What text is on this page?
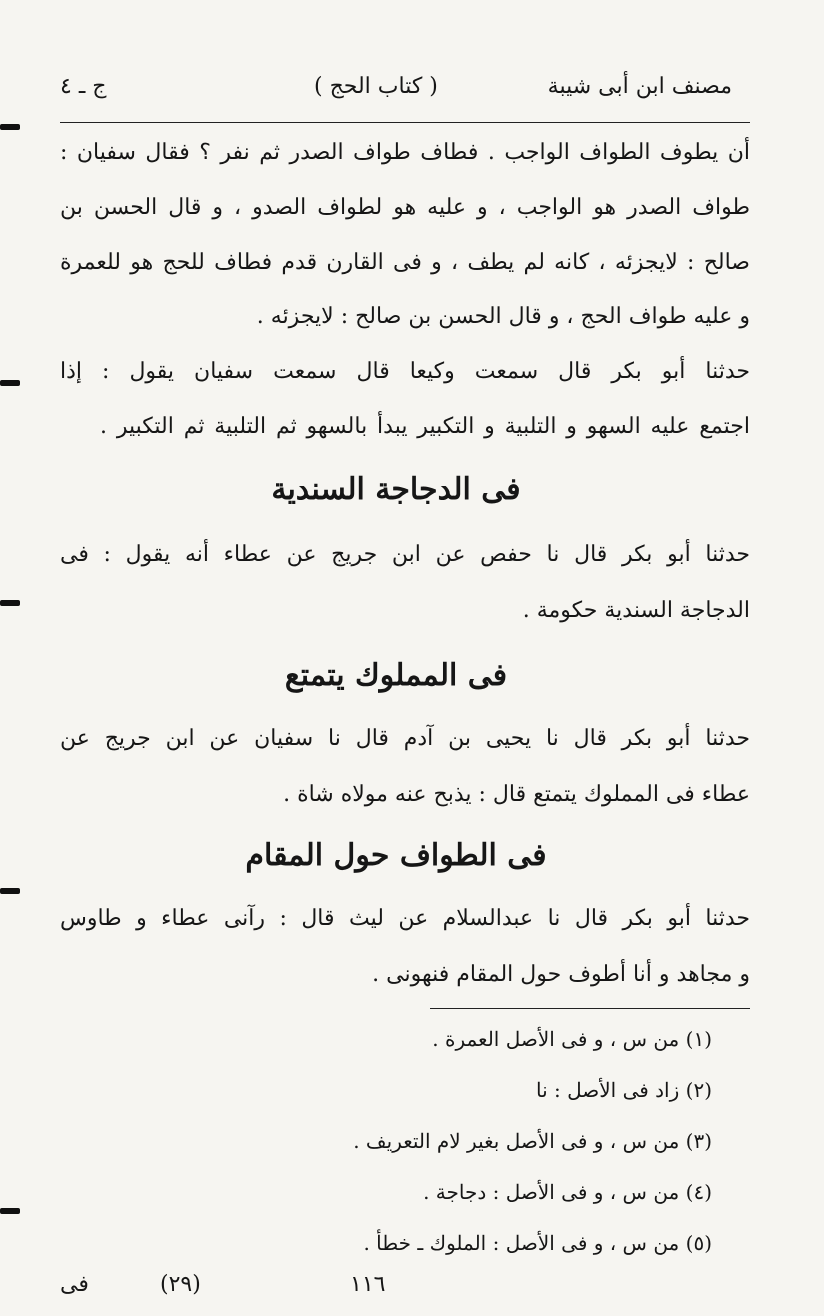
مصنف ابن أبى شيبة
( كتاب الحج )
ج ـ ٤
أن يطوف الطواف الواجب . فطاف طواف الصدر ثم نفر ؟ فقال سفيان :
طواف الصدر هو الواجب ، و عليه هو لطواف الصدو ، و قال الحسن بن
صالح : لايجزئه ، كانه لم يطف ، و فى القارن قدم فطاف للحج هو للعمرة
و عليه طواف الحج ، و قال الحسن بن صالح : لايجزئه .
حدثنا أبو بكر قال سمعت وكيعا قال سمعت سفيان يقول : إذا
اجتمع عليه السهو و التلبية و التكبير يبدأ بالسهو ثم التلبية ثم التكبير .
فى الدجاجة السندية
حدثنا أبو بكر قال نا حفص عن ابن جريج عن عطاء أنه يقول : فى
الدجاجة السندية حكومة .
فى المملوك يتمتع
حدثنا أبو بكر قال نا يحيى بن آدم قال نا سفيان عن ابن جريج عن
عطاء فى المملوك يتمتع قال : يذبح عنه مولاه شاة .
فى الطواف حول المقام
حدثنا أبو بكر قال نا عبدالسلام عن ليث قال : رآنى عطاء و طاوس
و مجاهد و أنا أطوف حول المقام فنهونى .
(١) من س ، و فى الأصل العمرة .
(٢) زاد فى الأصل : نا
(٣) من س ، و فى الأصل بغير لام التعريف .
(٤) من س ، و فى الأصل : دجاجة .
(٥) من س ، و فى الأصل : الملوك ـ خطأ .
١١٦
(٢٩)
فى
